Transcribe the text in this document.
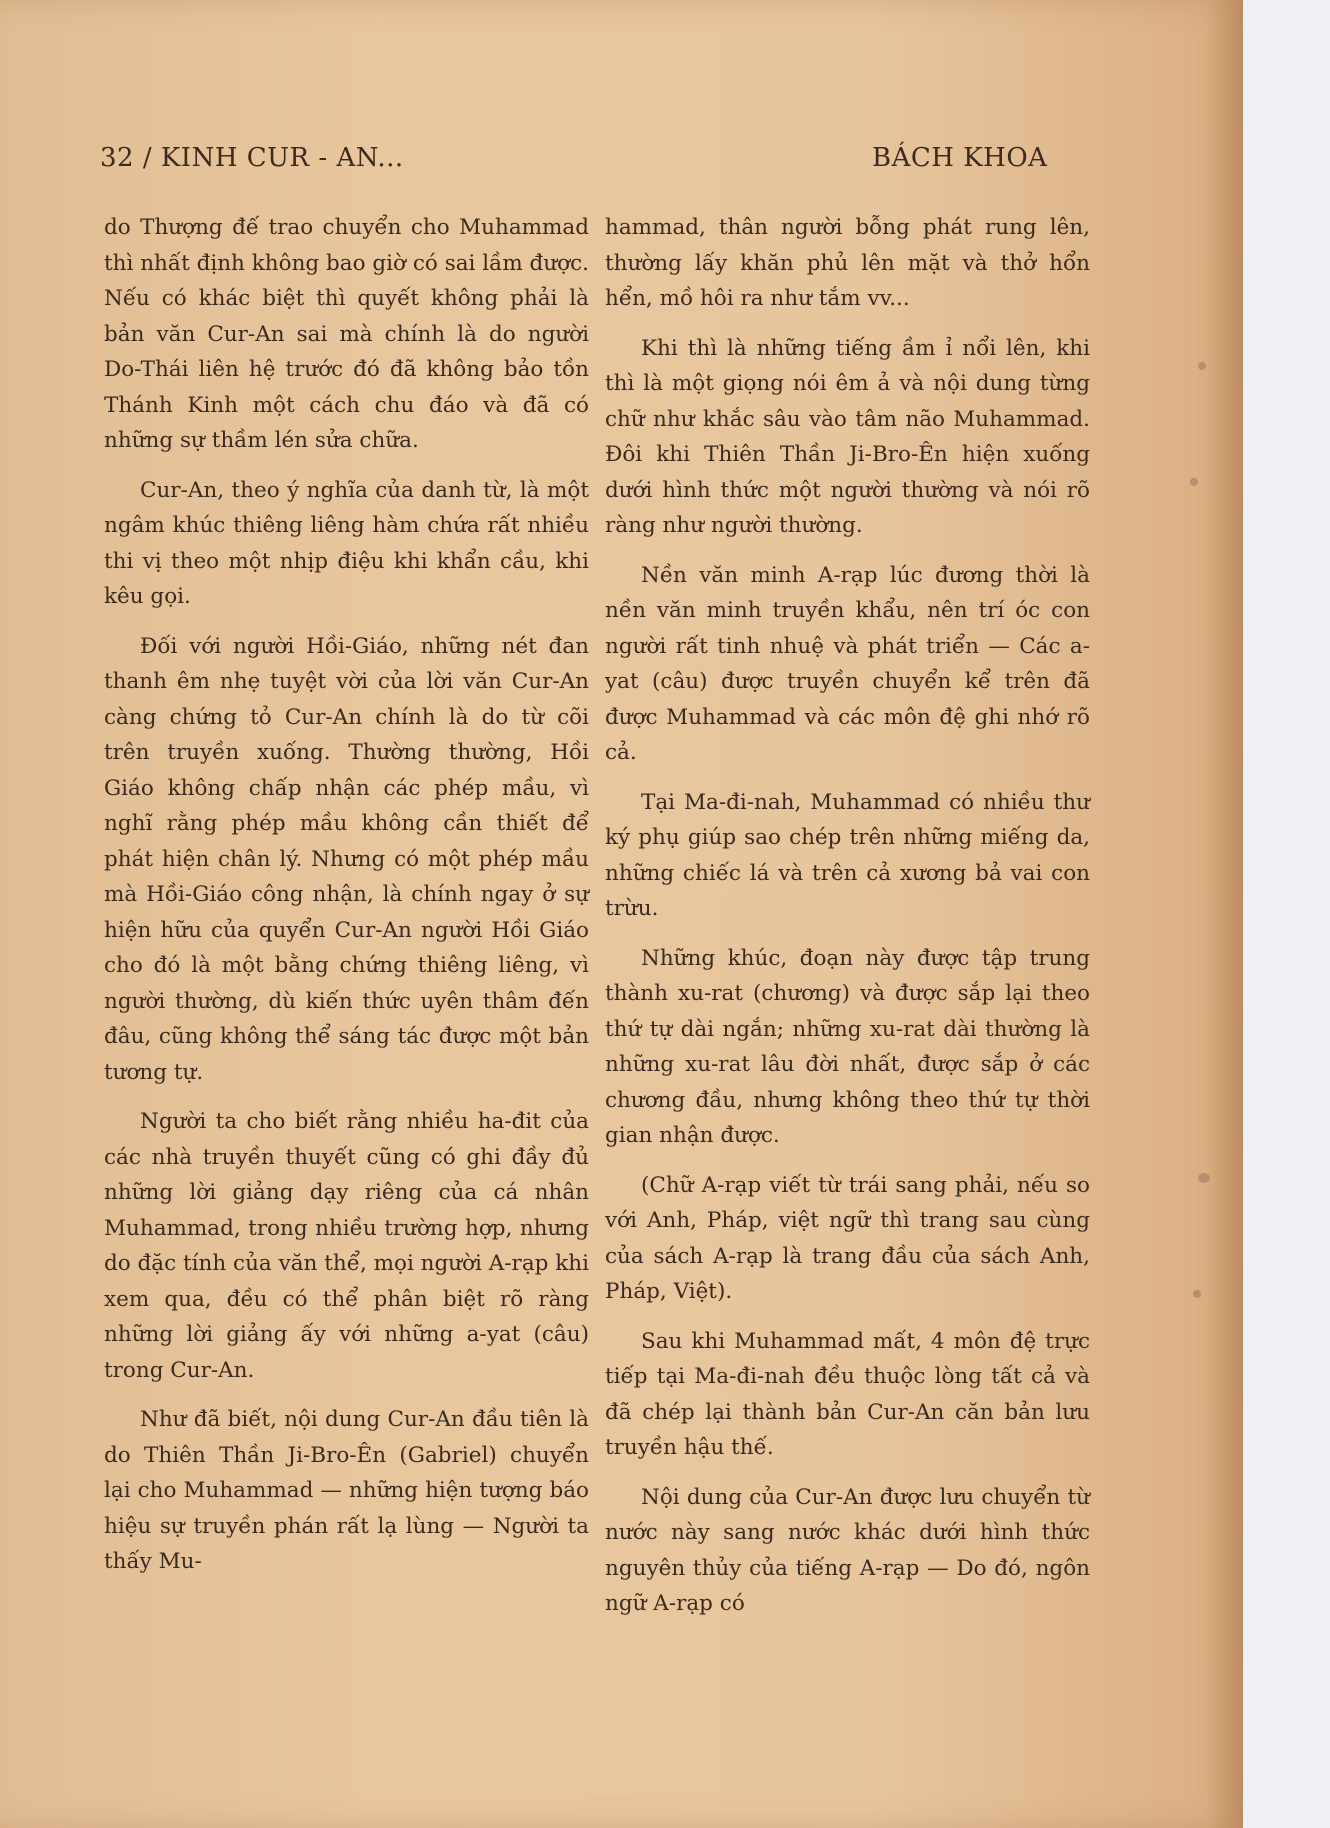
32 / KINH CUR - AN...	BÁCH KHOA

do Thượng đế trao chuyển cho Muhammad thì nhất định không bao giờ có sai lầm được. Nếu có khác biệt thì quyết không phải là bản văn Cur-An sai mà chính là do người Do-Thái liên hệ trước đó đã không bảo tồn Thánh Kinh một cách chu đáo và đã có những sự thầm lén sửa chữa.

Cur-An, theo ý nghĩa của danh từ, là một ngâm khúc thiêng liêng hàm chứa rất nhiều thi vị theo một nhịp điệu khi khẩn cầu, khi kêu gọi.

Đối với người Hồi-Giáo, những nét đan thanh êm nhẹ tuyệt vời của lời văn Cur-An càng chứng tỏ Cur-An chính là do từ cõi trên truyền xuống. Thường thường, Hồi Giáo không chấp nhận các phép mầu, vì nghĩ rằng phép mầu không cần thiết để phát hiện chân lý. Nhưng có một phép mầu mà Hồi-Giáo công nhận, là chính ngay ở sự hiện hữu của quyển Cur-An người Hồi Giáo cho đó là một bằng chứng thiêng liêng, vì người thường, dù kiến thức uyên thâm đến đâu, cũng không thể sáng tác được một bản tương tự.

Người ta cho biết rằng nhiều ha-đit của các nhà truyền thuyết cũng có ghi đầy đủ những lời giảng dạy riêng của cá nhân Muhammad, trong nhiều trường hợp, nhưng do đặc tính của văn thể, mọi người A-rạp khi xem qua, đều có thể phân biệt rõ ràng những lời giảng ấy với những a-yat (câu) trong Cur-An.

Như đã biết, nội dung Cur-An đầu tiên là do Thiên Thần Ji-Bro-Ên (Gabriel) chuyển lại cho Muhammad — những hiện tượng báo hiệu sự truyền phán rất lạ lùng — Người ta thấy Mu-

hammad, thân người bỗng phát rung lên, thường lấy khăn phủ lên mặt và thở hổn hển, mồ hôi ra như tắm vv...

Khi thì là những tiếng ầm ỉ nổi lên, khi thì là một giọng nói êm ả và nội dung từng chữ như khắc sâu vào tâm não Muhammad. Đôi khi Thiên Thần Ji-Bro-Ên hiện xuống dưới hình thức một người thường và nói rõ ràng như người thường.

Nền văn minh A-rạp lúc đương thời là nền văn minh truyền khẩu, nên trí óc con người rất tinh nhuệ và phát triển — Các a-yat (câu) được truyền chuyển kể trên đã được Muhammad và các môn đệ ghi nhớ rõ cả.

Tại Ma-đi-nah, Muhammad có nhiều thư ký phụ giúp sao chép trên những miếng da, những chiếc lá và trên cả xương bả vai con trừu.

Những khúc, đoạn này được tập trung thành xu-rat (chương) và được sắp lại theo thứ tự dài ngắn; những xu-rat dài thường là những xu-rat lâu đời nhất, được sắp ở các chương đầu, nhưng không theo thứ tự thời gian nhận được.

(Chữ A-rạp viết từ trái sang phải, nếu so với Anh, Pháp, việt ngữ thì trang sau cùng của sách A-rạp là trang đầu của sách Anh, Pháp, Việt).

Sau khi Muhammad mất, 4 môn đệ trực tiếp tại Ma-đi-nah đều thuộc lòng tất cả và đã chép lại thành bản Cur-An căn bản lưu truyền hậu thế.

Nội dung của Cur-An được lưu chuyển từ nước này sang nước khác dưới hình thức nguyên thủy của tiếng A-rạp — Do đó, ngôn ngữ A-rạp có
